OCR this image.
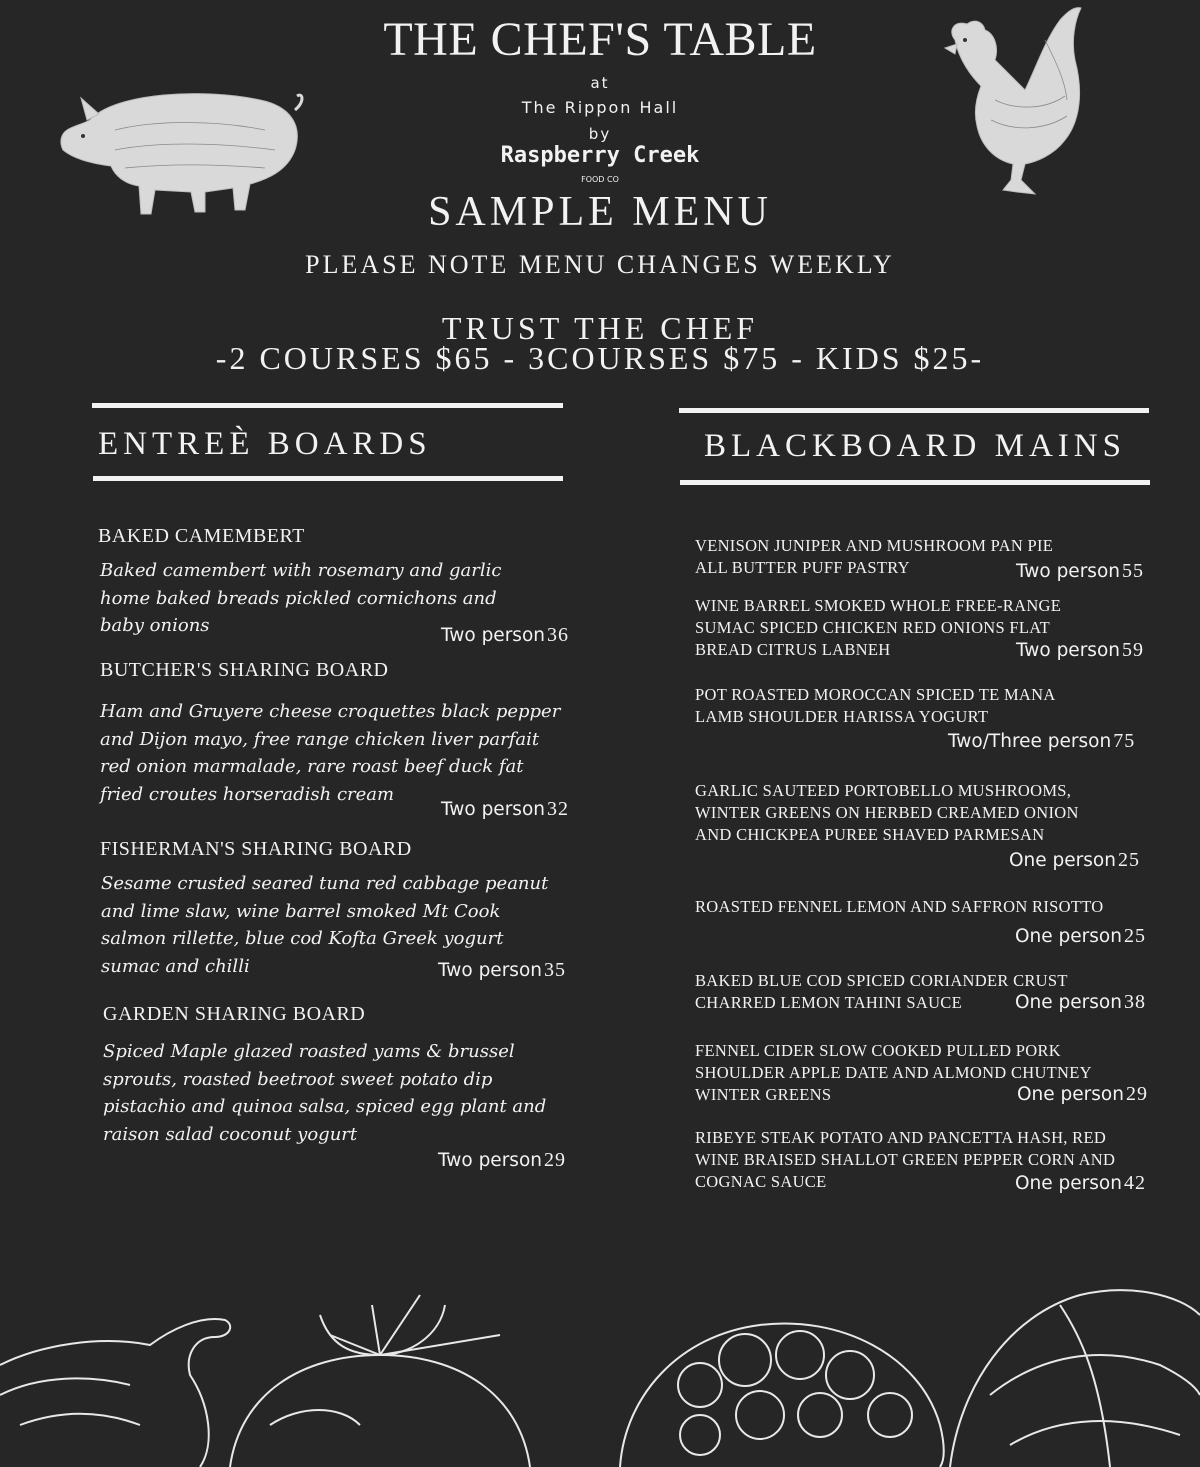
THE CHEF'S TABLE
at
The Rippon Hall
by
Raspberry Creek
FOOD CO
SAMPLE MENU
PLEASE NOTE MENU CHANGES WEEKLY
TRUST THE CHEF
-2 COURSES $65 - 3COURSES $75 - KIDS $25-
ENTREÈ BOARDS
BAKED CAMEMBERT
Baked camembert with rosemary and garlic
home baked breads pickled cornichons and
baby onions	Two person 36
BUTCHER'S SHARING BOARD
Ham and Gruyere cheese croquettes black pepper
and Dijon mayo, free range chicken liver parfait
red onion marmalade, rare roast beef duck fat
fried croutes horseradish cream
Two person 32
FISHERMAN'S SHARING BOARD
Sesame crusted seared tuna red cabbage peanut
and lime slaw, wine barrel smoked Mt Cook
salmon rillette, blue cod Kofta Greek yogurt
sumac and chilli	Two person 35
GARDEN SHARING BOARD
Spiced Maple glazed roasted yams & brussel
sprouts, roasted beetroot sweet potato dip
pistachio and quinoa salsa, spiced egg plant and
raison salad coconut yogurt
Two person 29
BLACKBOARD MAINS
VENISON JUNIPER AND MUSHROOM PAN PIE
ALL BUTTER PUFF PASTRY	Two person 55
WINE BARREL SMOKED WHOLE FREE-RANGE
SUMAC SPICED CHICKEN RED ONIONS FLAT
BREAD CITRUS LABNEH	Two person 59
POT ROASTED MOROCCAN SPICED TE MANA
LAMB SHOULDER HARISSA YOGURT
Two/Three person 75
GARLIC SAUTEED PORTOBELLO MUSHROOMS,
WINTER GREENS ON HERBED CREAMED ONION
AND CHICKPEA PUREE SHAVED PARMESAN
One person 25
ROASTED FENNEL LEMON AND SAFFRON RISOTTO
One person 25
BAKED BLUE COD SPICED CORIANDER CRUST
CHARRED LEMON TAHINI SAUCE	One person 38
FENNEL CIDER SLOW COOKED PULLED PORK
SHOULDER APPLE DATE AND ALMOND CHUTNEY
WINTER GREENS	One person 29
RIBEYE STEAK POTATO AND PANCETTA HASH, RED
WINE BRAISED SHALLOT GREEN PEPPER CORN AND
COGNAC SAUCE	One person 42
